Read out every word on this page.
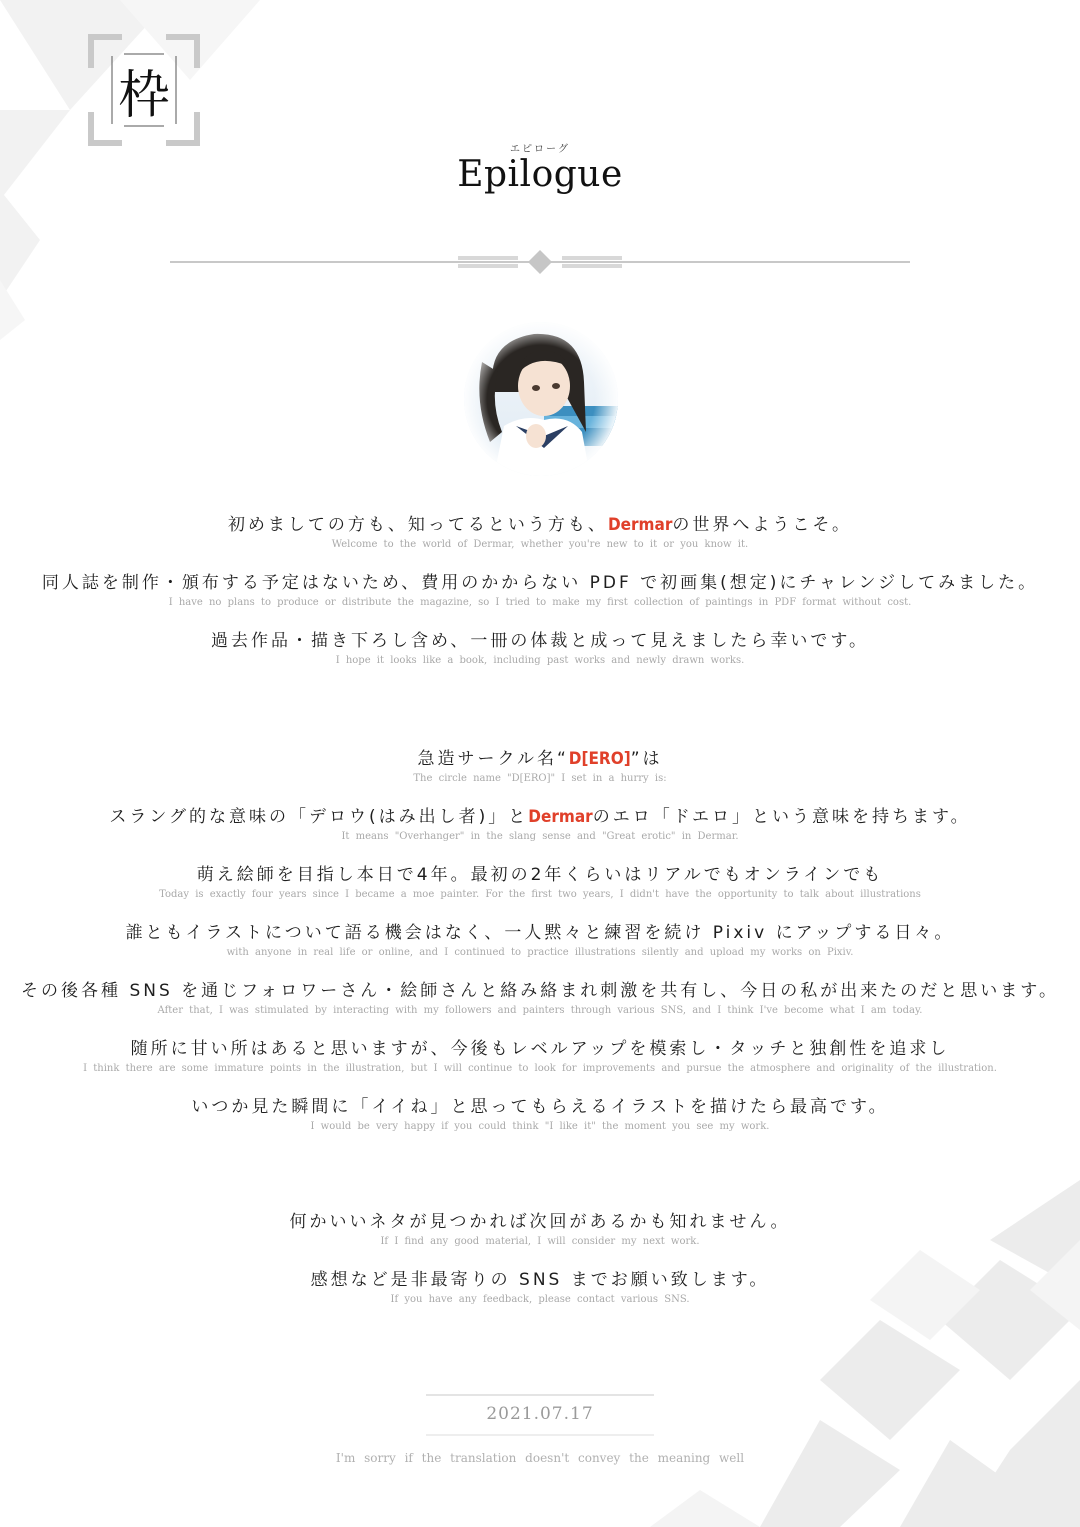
枠
エピローグ
Epilogue
初めましての方も、知ってるという方も、Dermarの世界へようこそ。
Welcome to the world of Dermar, whether you're new to it or you know it.
同人誌を制作・頒布する予定はないため、費用のかからない PDF で初画集(想定)にチャレンジしてみました。
I have no plans to produce or distribute the magazine, so I tried to make my first collection of paintings in PDF format without cost.
過去作品・描き下ろし含め、一冊の体裁と成って見えましたら幸いです。
I hope it looks like a book, including past works and newly drawn works.
急造サークル名“D[ERO]”は
The circle name "D[ERO]" I set in a hurry is:
スラング的な意味の「デロウ(はみ出し者)」とDermarのエロ「ドエロ」という意味を持ちます。
It means "Overhanger" in the slang sense and "Great erotic" in Dermar.
萌え絵師を目指し本日で4年。最初の2年くらいはリアルでもオンラインでも
Today is exactly four years since I became a moe painter. For the first two years, I didn't have the opportunity to talk about illustrations
誰ともイラストについて語る機会はなく、一人黙々と練習を続け Pixiv にアップする日々。
with anyone in real life or online, and I continued to practice illustrations silently and upload my works on Pixiv.
その後各種 SNS を通じフォロワーさん・絵師さんと絡み絡まれ刺激を共有し、今日の私が出来たのだと思います。
After that, I was stimulated by interacting with my followers and painters through various SNS, and I think I've become what I am today.
随所に甘い所はあると思いますが、今後もレベルアップを模索し・タッチと独創性を追求し
I think there are some immature points in the illustration, but I will continue to look for improvements and pursue the atmosphere and originality of the illustration.
いつか見た瞬間に「イイね」と思ってもらえるイラストを描けたら最高です。
I would be very happy if you could think "I like it" the moment you see my work.
何かいいネタが見つかれば次回があるかも知れません。
If I find any good material, I will consider my next work.
感想など是非最寄りの SNS までお願い致します。
If you have any feedback, please contact various SNS.
2021.07.17
I'm sorry if the translation doesn't convey the meaning well
